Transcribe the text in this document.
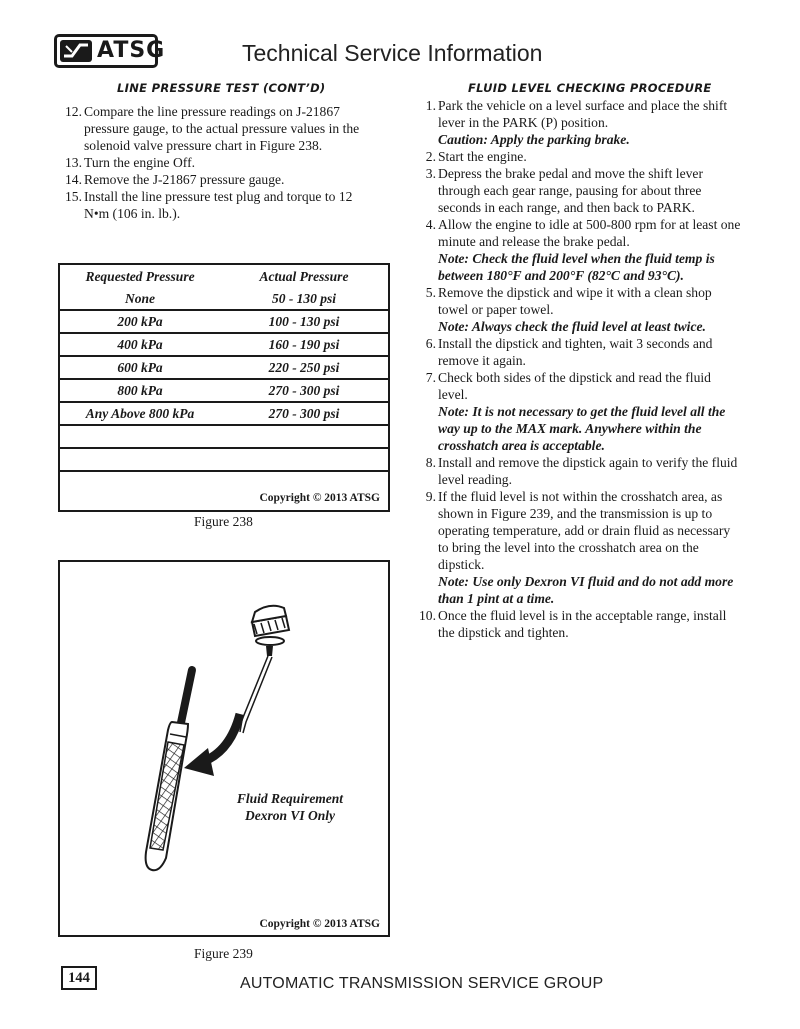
ATSG	Technical Service Information
LINE PRESSURE TEST (CONT’D)
12. Compare the line pressure readings on J-21867 pressure gauge, to the actual pressure values in the solenoid valve pressure chart in Figure 238.
13. Turn the engine Off.
14. Remove the J-21867 pressure gauge.
15. Install the line pressure test plug and torque to 12 N•m (106 in. lb.).
Requested Pressure	Actual Pressure
None	50 - 130 psi
200 kPa	100 - 130 psi
400 kPa	160 - 190 psi
600 kPa	220 - 250 psi
800 kPa	270 - 300 psi
Any Above 800 kPa	270 - 300 psi
Copyright © 2013 ATSG
Figure 238
Fluid Requirement
Dexron VI Only
Copyright © 2013 ATSG
Figure 239
FLUID LEVEL CHECKING PROCEDURE
1. Park the vehicle on a level surface and place the shift lever in the PARK (P) position.
Caution: Apply the parking brake.
2. Start the engine.
3. Depress the brake pedal and move the shift lever through each gear range, pausing for about three seconds in each range, and then back to PARK.
4. Allow the engine to idle at 500-800 rpm for at least one minute and release the brake pedal.
Note: Check the fluid level when the fluid temp is between 180°F and 200°F (82°C and 93°C).
5. Remove the dipstick and wipe it with a clean shop towel or paper towel.
Note: Always check the fluid level at least twice.
6. Install the dipstick and tighten, wait 3 seconds and remove it again.
7. Check both sides of the dipstick and read the fluid level.
Note: It is not necessary to get the fluid level all the way up to the MAX mark. Anywhere within the crosshatch area is acceptable.
8. Install and remove the dipstick again to verify the fluid level reading.
9. If the fluid level is not within the crosshatch area, as shown in Figure 239, and the transmission is up to operating temperature, add or drain fluid as necessary to bring the level into the crosshatch area on the dipstick.
Note: Use only Dexron VI fluid and do not add more than 1 pint at a time.
10. Once the fluid level is in the acceptable range, install the dipstick and tighten.
144	AUTOMATIC TRANSMISSION SERVICE GROUP
